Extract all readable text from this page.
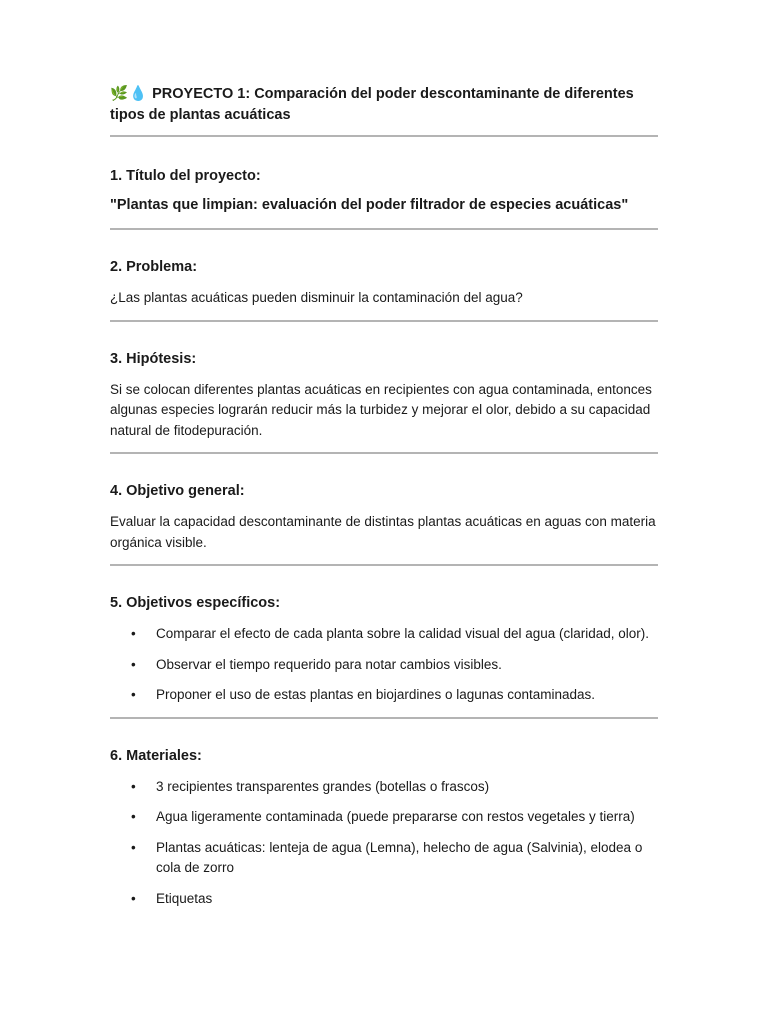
🌿💧 PROYECTO 1: Comparación del poder descontaminante de diferentes tipos de plantas acuáticas

1. Título del proyecto:

"Plantas que limpian: evaluación del poder filtrador de especies acuáticas"

2. Problema:

¿Las plantas acuáticas pueden disminuir la contaminación del agua?

3. Hipótesis:

Si se colocan diferentes plantas acuáticas en recipientes con agua contaminada, entonces algunas especies lograrán reducir más la turbidez y mejorar el olor, debido a su capacidad natural de fitodepuración.

4. Objetivo general:

Evaluar la capacidad descontaminante de distintas plantas acuáticas en aguas con materia orgánica visible.

5. Objetivos específicos:

• Comparar el efecto de cada planta sobre la calidad visual del agua (claridad, olor).
• Observar el tiempo requerido para notar cambios visibles.
• Proponer el uso de estas plantas en biojardines o lagunas contaminadas.

6. Materiales:

• 3 recipientes transparentes grandes (botellas o frascos)
• Agua ligeramente contaminada (puede prepararse con restos vegetales y tierra)
• Plantas acuáticas: lenteja de agua (Lemna), helecho de agua (Salvinia), elodea o cola de zorro
• Etiquetas
